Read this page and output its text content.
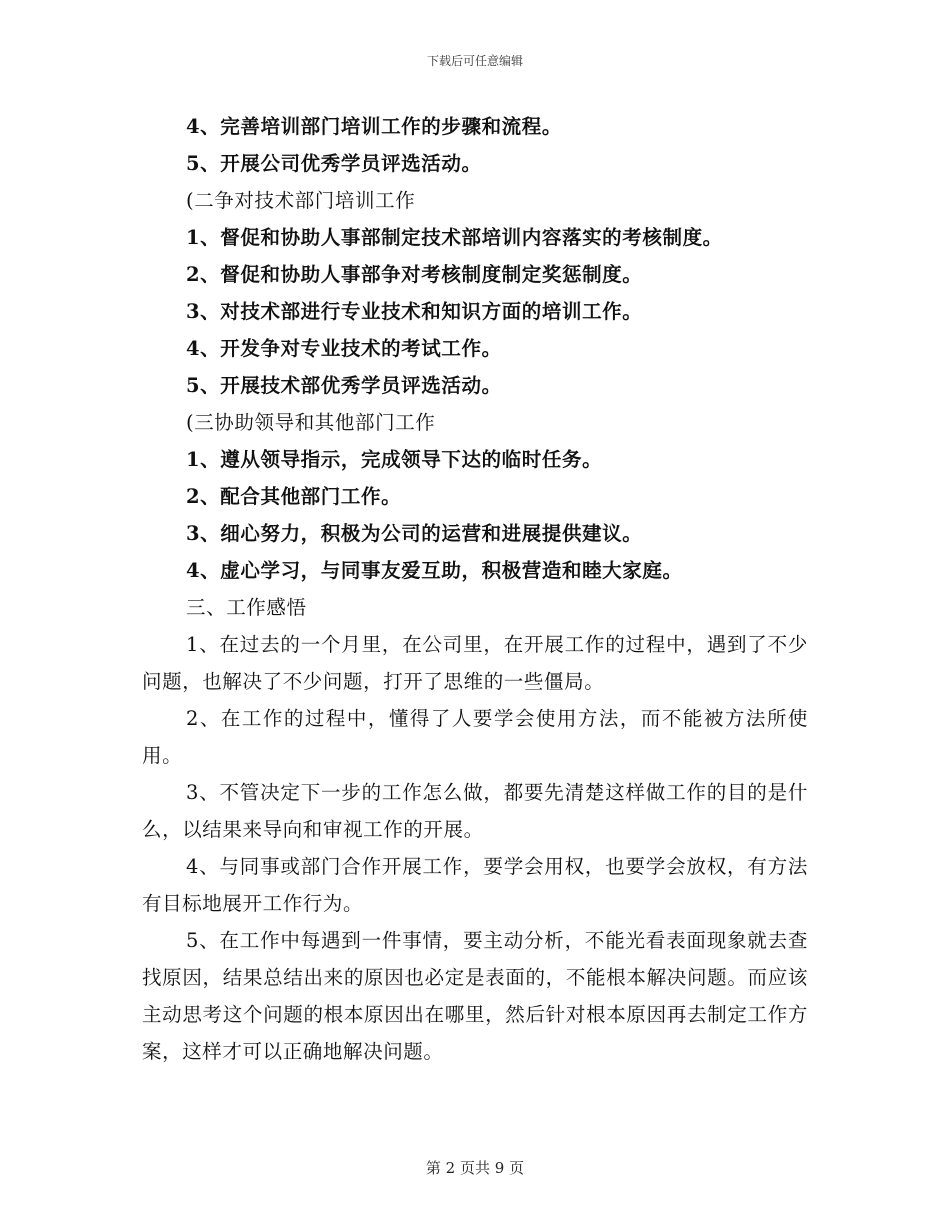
下载后可任意编辑
4、完善培训部门培训工作的步骤和流程。
5、开展公司优秀学员评选活动。
(二争对技术部门培训工作
1、督促和协助人事部制定技术部培训内容落实的考核制度。
2、督促和协助人事部争对考核制度制定奖惩制度。
3、对技术部进行专业技术和知识方面的培训工作。
4、开发争对专业技术的考试工作。
5、开展技术部优秀学员评选活动。
(三协助领导和其他部门工作
1、遵从领导指示，完成领导下达的临时任务。
2、配合其他部门工作。
3、细心努力，积极为公司的运营和进展提供建议。
4、虚心学习，与同事友爱互助，积极营造和睦大家庭。
三、工作感悟
1、在过去的一个月里，在公司里，在开展工作的过程中，遇到了不少问题，也解决了不少问题，打开了思维的一些僵局。
2、在工作的过程中，懂得了人要学会使用方法，而不能被方法所使用。
3、不管决定下一步的工作怎么做，都要先清楚这样做工作的目的是什么，以结果来导向和审视工作的开展。
4、与同事或部门合作开展工作，要学会用权，也要学会放权，有方法有目标地展开工作行为。
5、在工作中每遇到一件事情，要主动分析，不能光看表面现象就去查找原因，结果总结出来的原因也必定是表面的，不能根本解决问题。而应该主动思考这个问题的根本原因出在哪里，然后针对根本原因再去制定工作方案，这样才可以正确地解决问题。
第 2 页共 9 页
